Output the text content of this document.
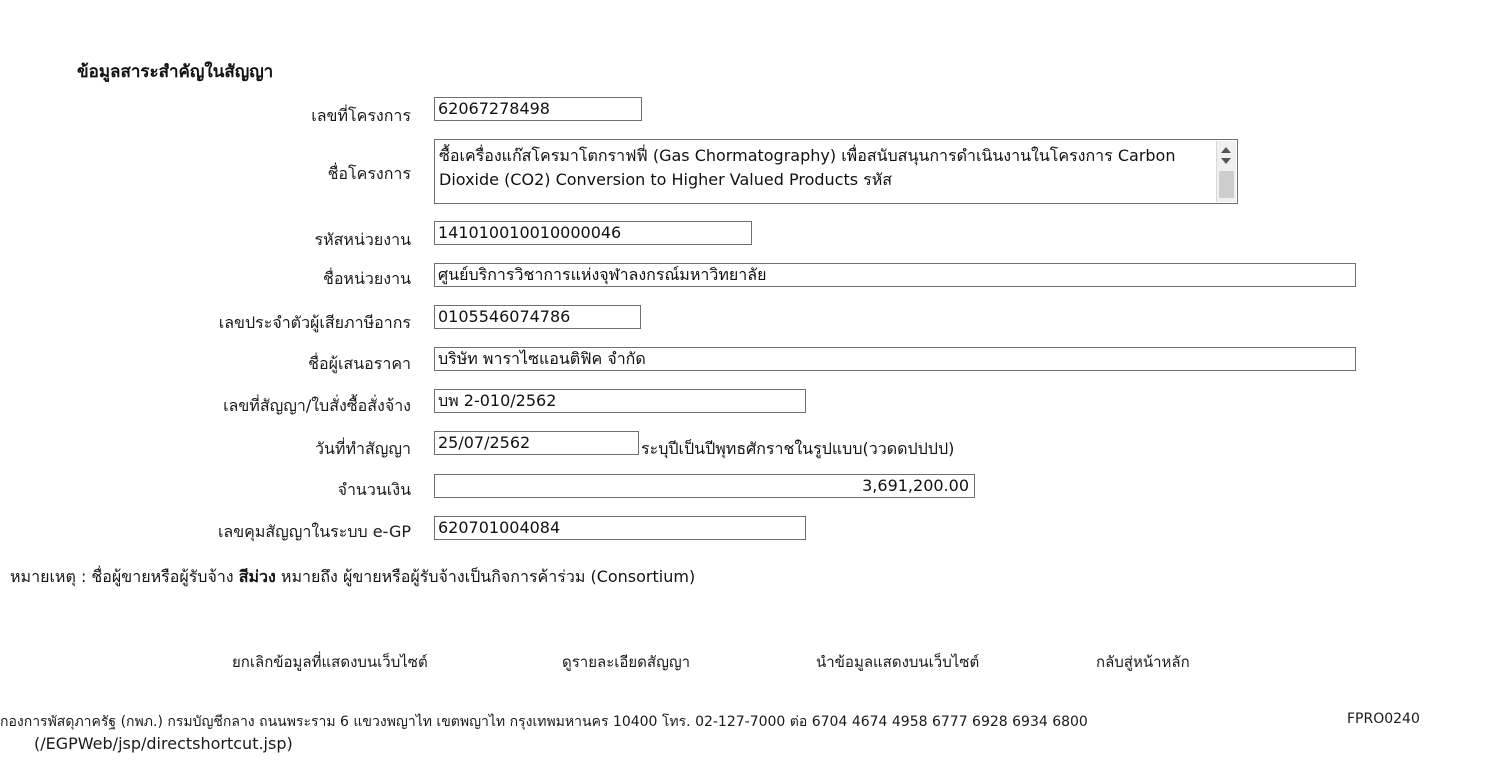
ข้อมูลสาระสำคัญในสัญญา
เลขที่โครงการ 62067278498
ชื่อโครงการ
ซื้อเครื่องแก๊สโครมาโตกราฟฟี่ (Gas Chormatography) เพื่อสนับสนุนการดำเนินงานในโครงการ Carbon Dioxide (CO2) Conversion to Higher Valued Products รหัส
รหัสหน่วยงาน 141010010010000046
ชื่อหน่วยงาน ศูนย์บริการวิชาการแห่งจุฬาลงกรณ์มหาวิทยาลัย
เลขประจำตัวผู้เสียภาษีอากร 0105546074786
ชื่อผู้เสนอราคา บริษัท พาราไซแอนติฟิค จำกัด
เลขที่สัญญา/ใบสั่งซื้อสั่งจ้าง บพ 2-010/2562
วันที่ทำสัญญา 25/07/2562	ระบุปีเป็นปีพุทธศักราชในรูปแบบ(ววดดปปปป)
จำนวนเงิน	3,691,200.00
เลขคุมสัญญาในระบบ e-GP 620701004084
หมายเหตุ : ชื่อผู้ขายหรือผู้รับจ้าง สีม่วง หมายถึง ผู้ขายหรือผู้รับจ้างเป็นกิจการค้าร่วม (Consortium)
ยกเลิกข้อมูลที่แสดงบนเว็บไซต์	ดูรายละเอียดสัญญา	นำข้อมูลแสดงบนเว็บไซต์	กลับสู่หน้าหลัก
กองการพัสดุภาครัฐ (กพภ.) กรมบัญชีกลาง ถนนพระราม 6 แขวงพญาไท เขตพญาไท กรุงเทพมหานคร 10400 โทร. 02-127-7000 ต่อ 6704 4674 4958 6777 6928 6934 6800	FPRO0240
(/EGPWeb/jsp/directshortcut.jsp)
